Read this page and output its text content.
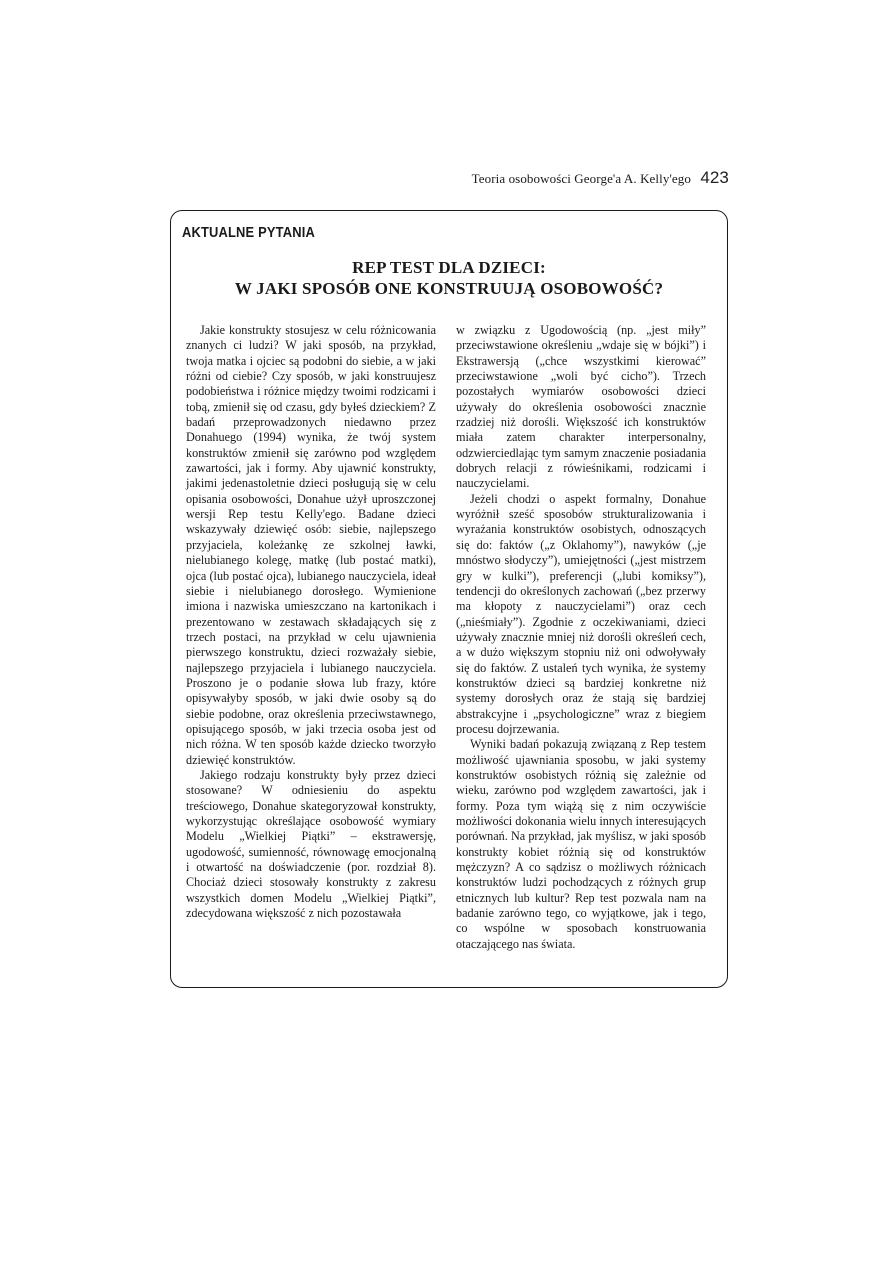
Teoria osobowości George'a A. Kelly'ego 423
AKTUALNE PYTANIA
REP TEST DLA DZIECI:
W JAKI SPOSÓB ONE KONSTRUUJĄ OSOBOWOŚĆ?

Jakie konstrukty stosujesz w celu różnicowania znanych ci ludzi? W jaki sposób, na przykład, twoja matka i ojciec są podobni do siebie, a w jaki różni od ciebie? Czy sposób, w jaki konstruujesz podobieństwa i różnice między twoimi rodzicami i tobą, zmienił się od czasu, gdy byłeś dzieckiem? Z badań przeprowadzonych niedawno przez Donahuego (1994) wynika, że twój system konstruktów zmienił się zarówno pod względem zawartości, jak i formy. Aby ujawnić konstrukty, jakimi jedenastoletnie dzieci posługują się w celu opisania osobowości, Donahue użył uproszczonej wersji Rep testu Kelly'ego. Badane dzieci wskazywały dziewięć osób: siebie, najlepszego przyjaciela, koleżankę ze szkolnej ławki, nielubianego kolegę, matkę (lub postać matki), ojca (lub postać ojca), lubianego nauczyciela, ideał siebie i nielubianego dorosłego. Wymienione imiona i nazwiska umieszczano na kartonikach i prezentowano w zestawach składających się z trzech postaci, na przykład w celu ujawnienia pierwszego konstruktu, dzieci rozważały siebie, najlepszego przyjaciela i lubianego nauczyciela. Proszono je o podanie słowa lub frazy, które opisywałyby sposób, w jaki dwie osoby są do siebie podobne, oraz określenia przeciwstawnego, opisującego sposób, w jaki trzecia osoba jest od nich różna. W ten sposób każde dziecko tworzyło dziewięć konstruktów.

Jakiego rodzaju konstrukty były przez dzieci stosowane? W odniesieniu do aspektu treściowego, Donahue skategoryzował konstrukty, wykorzystując określające osobowość wymiary Modelu „Wielkiej Piątki” – ekstrawersję, ugodowość, sumienność, równowagę emocjonalną i otwartość na doświadczenie (por. rozdział 8). Chociaż dzieci stosowały konstrukty z zakresu wszystkich domen Modelu „Wielkiej Piątki”, zdecydowana większość z nich pozostawała

w związku z Ugodowością (np. „jest miły” przeciwstawione określeniu „wdaje się w bójki”) i Ekstrawersją („chce wszystkimi kierować” przeciwstawione „woli być cicho”). Trzech pozostałych wymiarów osobowości dzieci używały do określenia osobowości znacznie rzadziej niż dorośli. Większość ich konstruktów miała zatem charakter interpersonalny, odzwierciedlając tym samym znaczenie posiadania dobrych relacji z rówieśnikami, rodzicami i nauczycielami.

Jeżeli chodzi o aspekt formalny, Donahue wyróżnił sześć sposobów strukturalizowania i wyrażania konstruktów osobistych, odnoszących się do: faktów („z Oklahomy”), nawyków („je mnóstwo słodyczy”), umiejętności („jest mistrzem gry w kulki”), preferencji („lubi komiksy”), tendencji do określonych zachowań („bez przerwy ma kłopoty z nauczycielami”) oraz cech („nieśmiały”). Zgodnie z oczekiwaniami, dzieci używały znacznie mniej niż dorośli określeń cech, a w dużo większym stopniu niż oni odwoływały się do faktów. Z ustaleń tych wynika, że systemy konstruktów dzieci są bardziej konkretne niż systemy dorosłych oraz że stają się bardziej abstrakcyjne i „psychologiczne” wraz z biegiem procesu dojrzewania.

Wyniki badań pokazują związaną z Rep testem możliwość ujawniania sposobu, w jaki systemy konstruktów osobistych różnią się zależnie od wieku, zarówno pod względem zawartości, jak i formy. Poza tym wiążą się z nim oczywiście możliwości dokonania wielu innych interesujących porównań. Na przykład, jak myślisz, w jaki sposób konstrukty kobiet różnią się od konstruktów mężczyzn? A co sądzisz o możliwych różnicach konstruktów ludzi pochodzących z różnych grup etnicznych lub kultur? Rep test pozwala nam na badanie zarówno tego, co wyjątkowe, jak i tego, co wspólne w sposobach konstruowania otaczającego nas świata.
